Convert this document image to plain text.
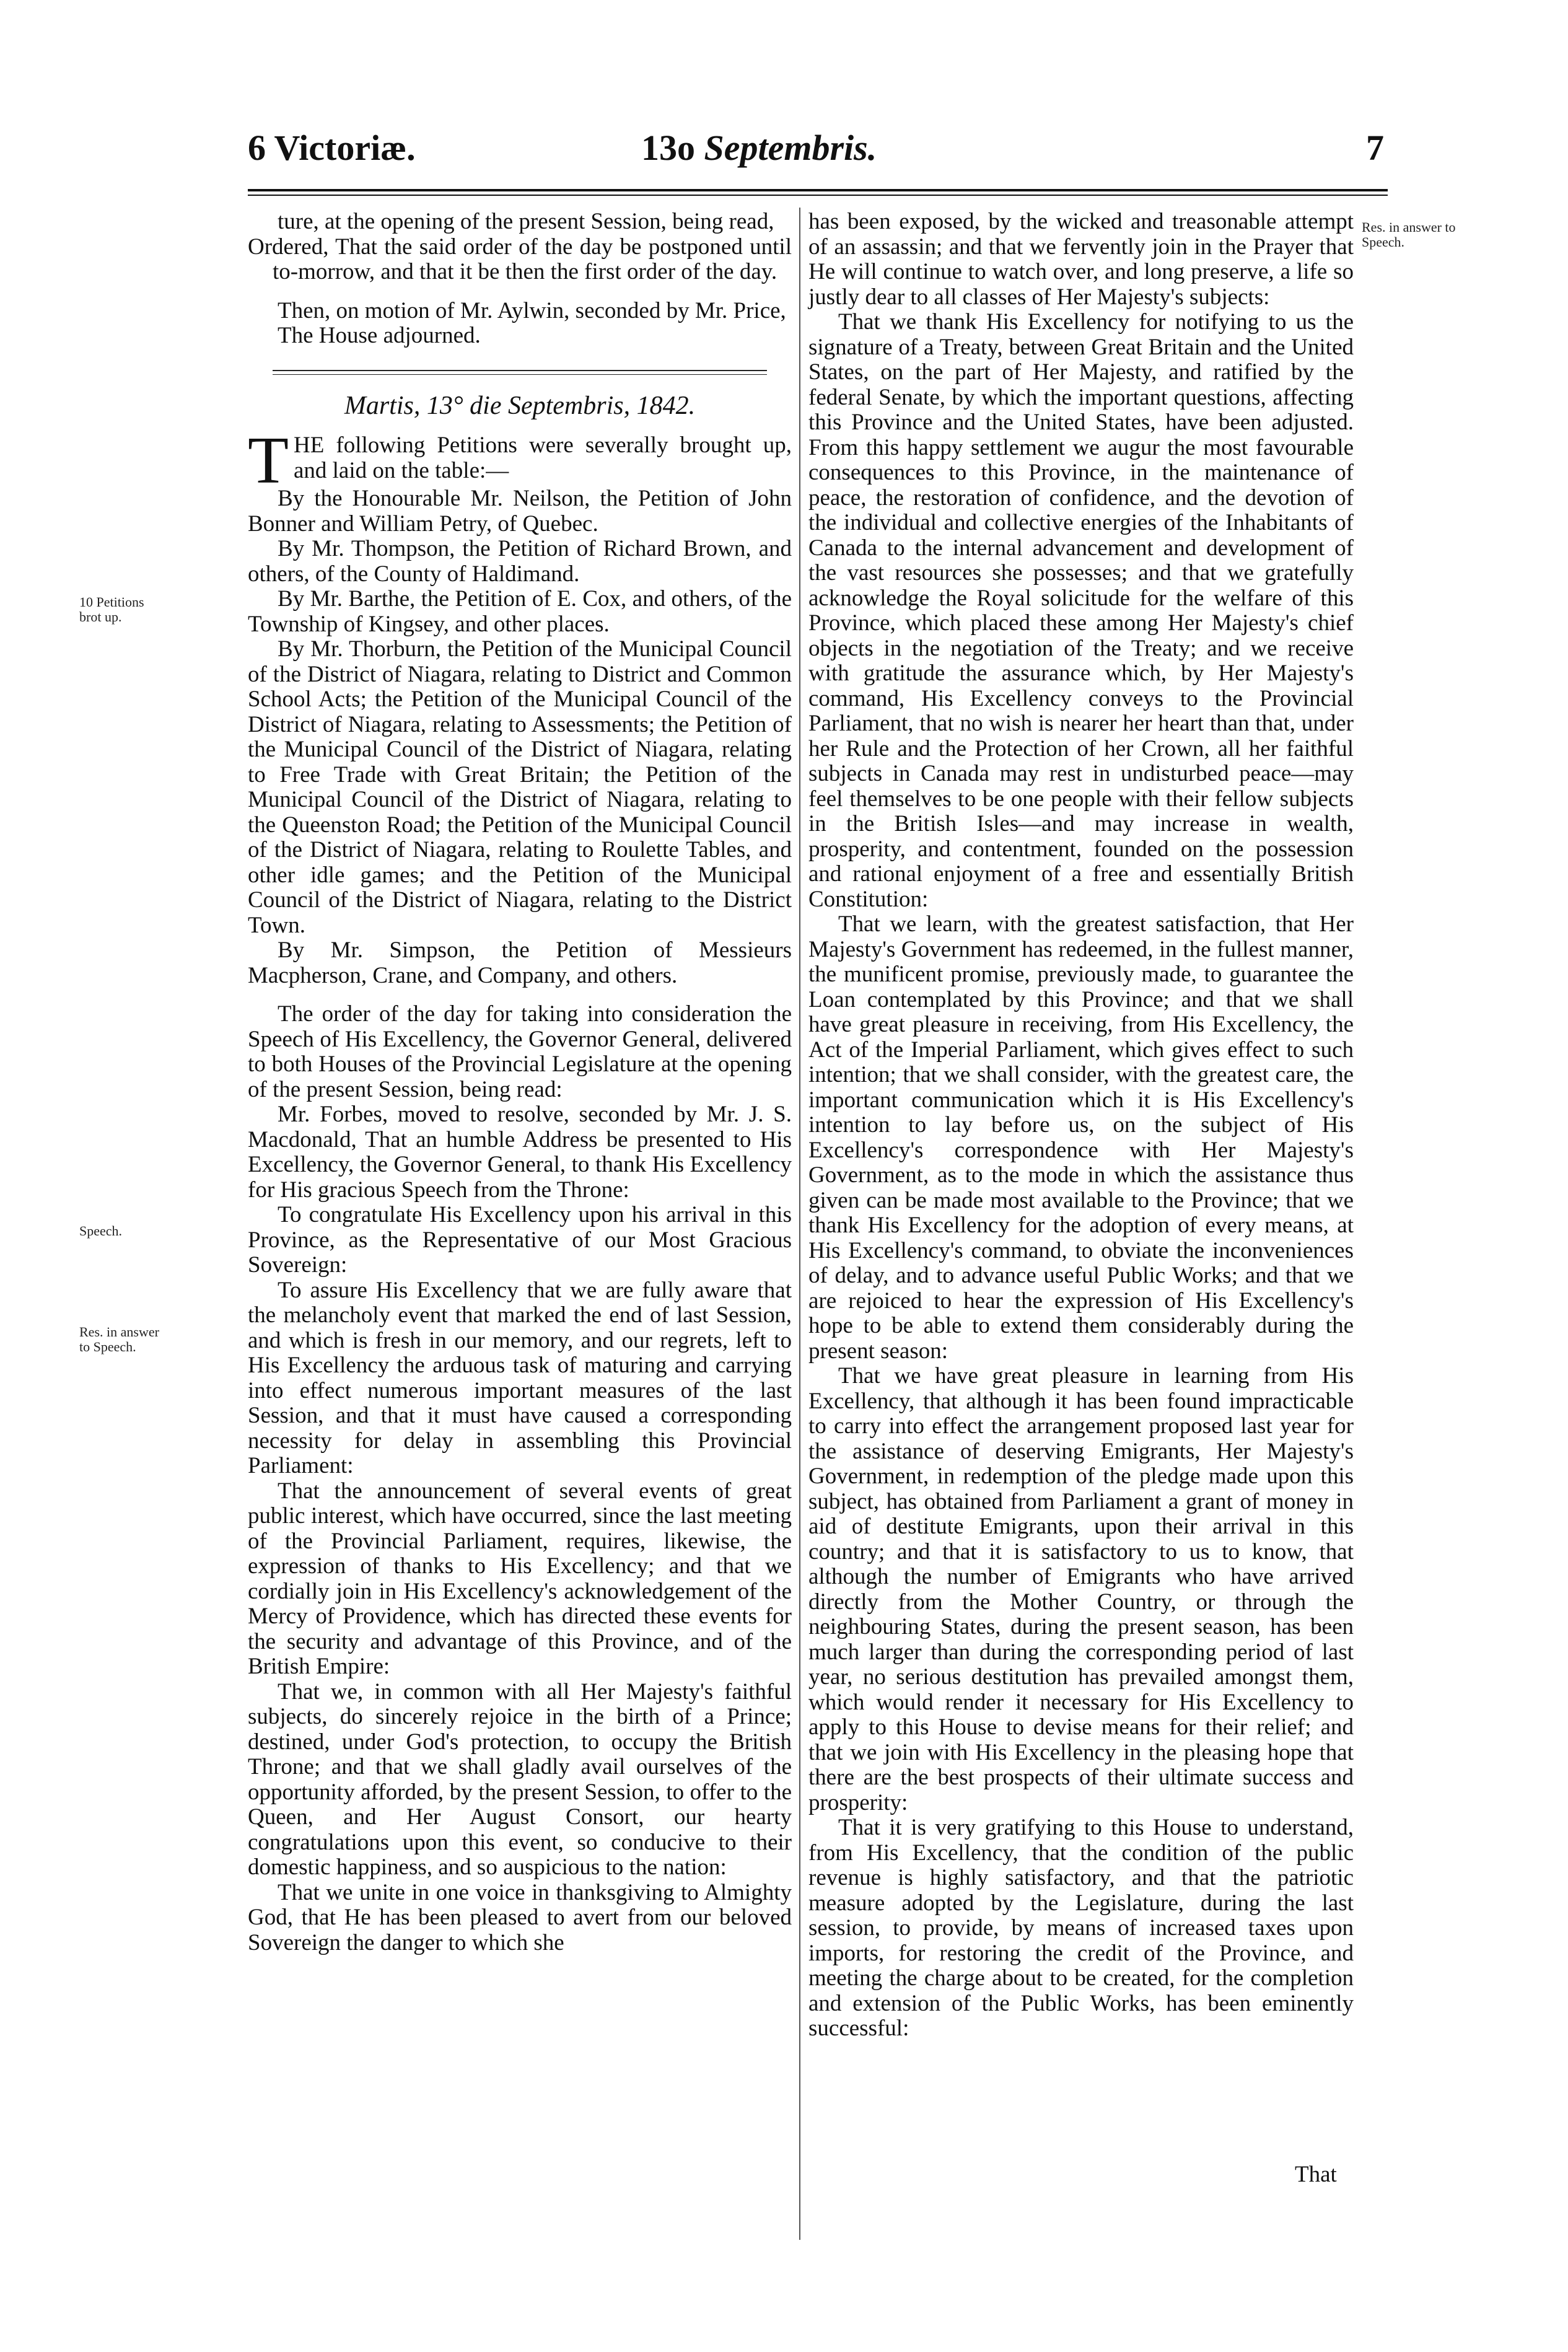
6 Victoriæ.	13o Septembris.	7
10 Petitions brot up.
Speech.
Res. in answer to Speech.
Res. in answer to Speech.

ture, at the opening of the present Session, being read,

Ordered, That the said order of the day be postponed until to-morrow, and that it be then the first order of the day.

Then, on motion of Mr. Aylwin, seconded by Mr. Price,

The House adjourned.

Martis, 13° die Septembris, 1842.

THE following Petitions were severally brought up, and laid on the table:—

By the Honourable Mr. Neilson, the Petition of John Bonner and William Petry, of Quebec.

By Mr. Thompson, the Petition of Richard Brown, and others, of the County of Haldimand.

By Mr. Barthe, the Petition of E. Cox, and others, of the Township of Kingsey, and other places.

By Mr. Thorburn, the Petition of the Municipal Council of the District of Niagara, relating to District and Common School Acts; the Petition of the Municipal Council of the District of Niagara, relating to Assessments; the Petition of the Municipal Council of the District of Niagara, relating to Free Trade with Great Britain; the Petition of the Municipal Council of the District of Niagara, relating to the Queenston Road; the Petition of the Municipal Council of the District of Niagara, relating to Roulette Tables, and other idle games; and the Petition of the Municipal Council of the District of Niagara, relating to the District Town.

By Mr. Simpson, the Petition of Messieurs Macpherson, Crane, and Company, and others.

The order of the day for taking into consideration the Speech of His Excellency, the Governor General, delivered to both Houses of the Provincial Legislature at the opening of the present Session, being read:

Mr. Forbes, moved to resolve, seconded by Mr. J. S. Macdonald, That an humble Address be presented to His Excellency, the Governor General, to thank His Excellency for His gracious Speech from the Throne:

To congratulate His Excellency upon his arrival in this Province, as the Representative of our Most Gracious Sovereign:

To assure His Excellency that we are fully aware that the melancholy event that marked the end of last Session, and which is fresh in our memory, and our regrets, left to His Excellency the arduous task of maturing and carrying into effect numerous important measures of the last Session, and that it must have caused a corresponding necessity for delay in assembling this Provincial Parliament:

That the announcement of several events of great public interest, which have occurred, since the last meeting of the Provincial Parliament, requires, likewise, the expression of thanks to His Excellency; and that we cordially join in His Excellency's acknowledgement of the Mercy of Providence, which has directed these events for the security and advantage of this Province, and of the British Empire:

That we, in common with all Her Majesty's faithful subjects, do sincerely rejoice in the birth of a Prince; destined, under God's protection, to occupy the British Throne; and that we shall gladly avail ourselves of the opportunity afforded, by the present Session, to offer to the Queen, and Her August Consort, our hearty congratulations upon this event, so conducive to their domestic happiness, and so auspicious to the nation:

That we unite in one voice in thanksgiving to Almighty God, that He has been pleased to avert from our beloved Sovereign the danger to which she

has been exposed, by the wicked and treasonable attempt of an assassin; and that we fervently join in the Prayer that He will continue to watch over, and long preserve, a life so justly dear to all classes of Her Majesty's subjects:

That we thank His Excellency for notifying to us the signature of a Treaty, between Great Britain and the United States, on the part of Her Majesty, and ratified by the federal Senate, by which the important questions, affecting this Province and the United States, have been adjusted. From this happy settlement we augur the most favourable consequences to this Province, in the maintenance of peace, the restoration of confidence, and the devotion of the individual and collective energies of the Inhabitants of Canada to the internal advancement and development of the vast resources she possesses; and that we gratefully acknowledge the Royal solicitude for the welfare of this Province, which placed these among Her Majesty's chief objects in the negotiation of the Treaty; and we receive with gratitude the assurance which, by Her Majesty's command, His Excellency conveys to the Provincial Parliament, that no wish is nearer her heart than that, under her Rule and the Protection of her Crown, all her faithful subjects in Canada may rest in undisturbed peace—may feel themselves to be one people with their fellow subjects in the British Isles—and may increase in wealth, prosperity, and contentment, founded on the possession and rational enjoyment of a free and essentially British Constitution:

That we learn, with the greatest satisfaction, that Her Majesty's Government has redeemed, in the fullest manner, the munificent promise, previously made, to guarantee the Loan contemplated by this Province; and that we shall have great pleasure in receiving, from His Excellency, the Act of the Imperial Parliament, which gives effect to such intention; that we shall consider, with the greatest care, the important communication which it is His Excellency's intention to lay before us, on the subject of His Excellency's correspondence with Her Majesty's Government, as to the mode in which the assistance thus given can be made most available to the Province; that we thank His Excellency for the adoption of every means, at His Excellency's command, to obviate the inconveniences of delay, and to advance useful Public Works; and that we are rejoiced to hear the expression of His Excellency's hope to be able to extend them considerably during the present season:

That we have great pleasure in learning from His Excellency, that although it has been found impracticable to carry into effect the arrangement proposed last year for the assistance of deserving Emigrants, Her Majesty's Government, in redemption of the pledge made upon this subject, has obtained from Parliament a grant of money in aid of destitute Emigrants, upon their arrival in this country; and that it is satisfactory to us to know, that although the number of Emigrants who have arrived directly from the Mother Country, or through the neighbouring States, during the present season, has been much larger than during the corresponding period of last year, no serious destitution has prevailed amongst them, which would render it necessary for His Excellency to apply to this House to devise means for their relief; and that we join with His Excellency in the pleasing hope that there are the best prospects of their ultimate success and prosperity:

That it is very gratifying to this House to understand, from His Excellency, that the condition of the public revenue is highly satisfactory, and that the patriotic measure adopted by the Legislature, during the last session, to provide, by means of increased taxes upon imports, for restoring the credit of the Province, and meeting the charge about to be created, for the completion and extension of the Public Works, has been eminently successful:

That
